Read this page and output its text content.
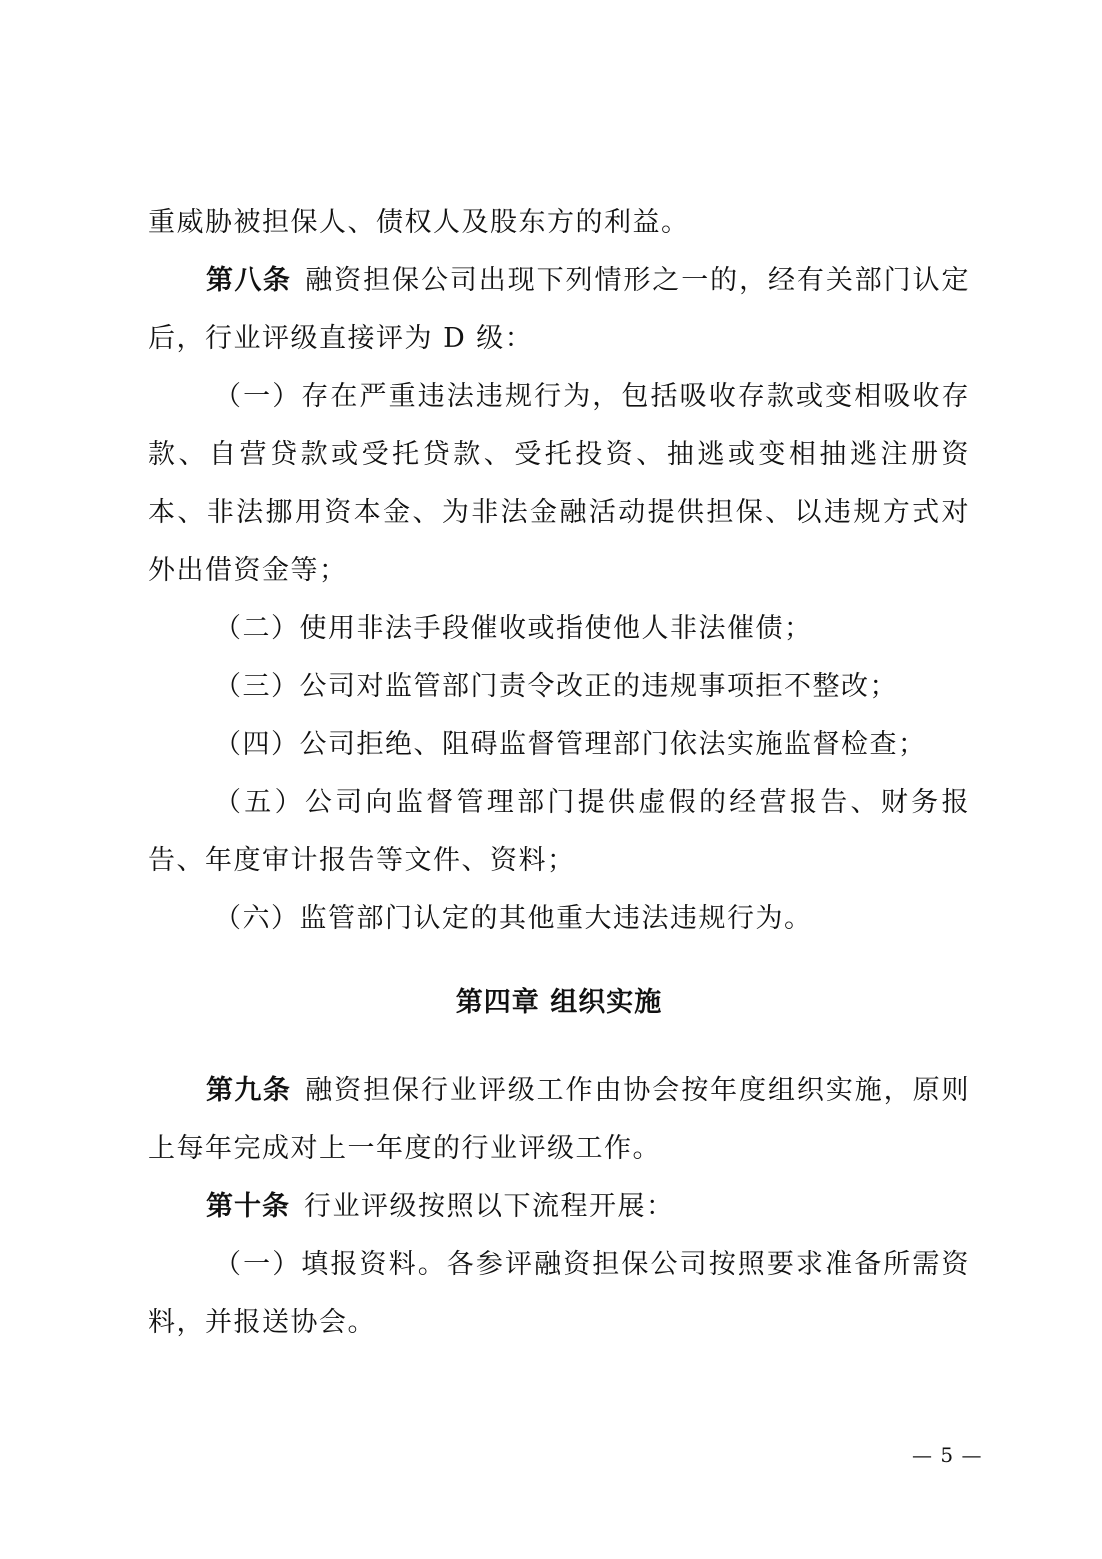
重威胁被担保人、债权人及股东方的利益。

第八条 融资担保公司出现下列情形之一的，经有关部门认定后，行业评级直接评为 D 级：

（一）存在严重违法违规行为，包括吸收存款或变相吸收存款、自营贷款或受托贷款、受托投资、抽逃或变相抽逃注册资本、非法挪用资本金、为非法金融活动提供担保、以违规方式对外出借资金等；

（二）使用非法手段催收或指使他人非法催债；

（三）公司对监管部门责令改正的违规事项拒不整改；

（四）公司拒绝、阻碍监督管理部门依法实施监督检查；

（五）公司向监督管理部门提供虚假的经营报告、财务报告、年度审计报告等文件、资料；

（六）监管部门认定的其他重大违法违规行为。

第四章 组织实施

第九条 融资担保行业评级工作由协会按年度组织实施，原则上每年完成对上一年度的行业评级工作。

第十条 行业评级按照以下流程开展：

（一）填报资料。各参评融资担保公司按照要求准备所需资料，并报送协会。

— 5 —
